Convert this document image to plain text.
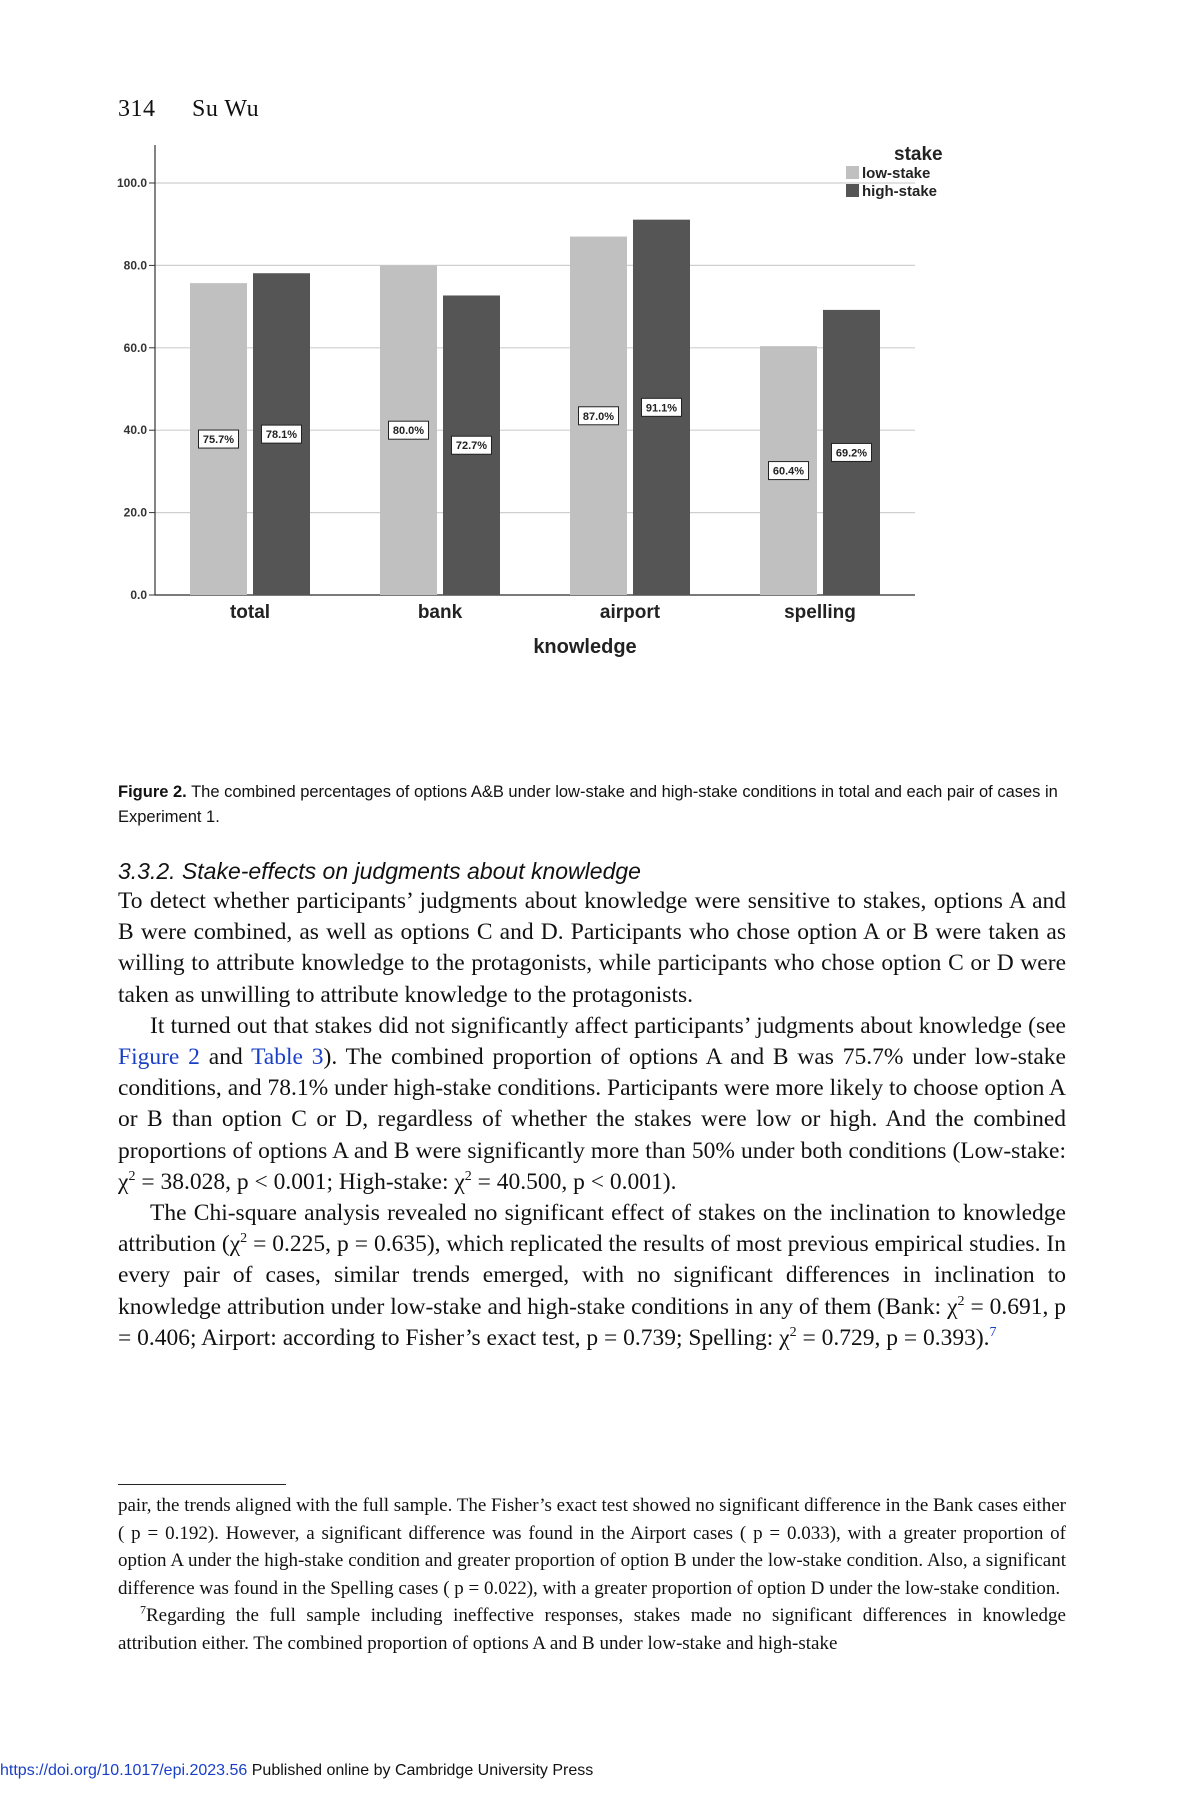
314 Su Wu
0.0
20.0
40.0
60.0
80.0
100.0
75.7%	78.1%
total
80.0%
72.7%
bank
87.0%
91.1%
airport
60.4%
69.2%
spelling
knowledge
stake
low-stake
high-stake
Figure 2. The combined percentages of options A&B under low-stake and high-stake conditions in total and each pair of cases in Experiment 1.
3.3.2. Stake-effects on judgments about knowledge

To detect whether participants’ judgments about knowledge were sensitive to stakes, options A and B were combined, as well as options C and D. Participants who chose option A or B were taken as willing to attribute knowledge to the protagonists, while participants who chose option C or D were taken as unwilling to attribute knowledge to the protagonists.

It turned out that stakes did not significantly affect participants’ judgments about knowledge (see Figure 2 and Table 3). The combined proportion of options A and B was 75.7% under low-stake conditions, and 78.1% under high-stake conditions. Participants were more likely to choose option A or B than option C or D, regardless of whether the stakes were low or high. And the combined proportions of options A and B were significantly more than 50% under both conditions (Low-stake: $\chi^2 = 38.028$, p < 0.001; High-stake: $\chi^2 = 40.500$, p < 0.001).

The Chi-square analysis revealed no significant effect of stakes on the inclination to knowledge attribution ($\chi^2 = 0.225$, p = 0.635), which replicated the results of most previous empirical studies. In every pair of cases, similar trends emerged, with no significant differences in inclination to knowledge attribution under low-stake and high-stake conditions in any of them (Bank: $\chi^2 = 0.691$, p = 0.406; Airport: according to Fisher’s exact test, p = 0.739; Spelling: $\chi^2 = 0.729$, p = 0.393).$^7$

pair, the trends aligned with the full sample. The Fisher’s exact test showed no significant difference in the Bank cases either ( p = 0.192). However, a significant difference was found in the Airport cases ( p = 0.033), with a greater proportion of option A under the high-stake condition and greater proportion of option B under the low-stake condition. Also, a significant difference was found in the Spelling cases ( p = 0.022), with a greater proportion of option D under the low-stake condition.

$^7$Regarding the full sample including ineffective responses, stakes made no significant differences in knowledge attribution either. The combined proportion of options A and B under low-stake and high-stake

https://doi.org/10.1017/epi.2023.56 Published online by Cambridge University Press
